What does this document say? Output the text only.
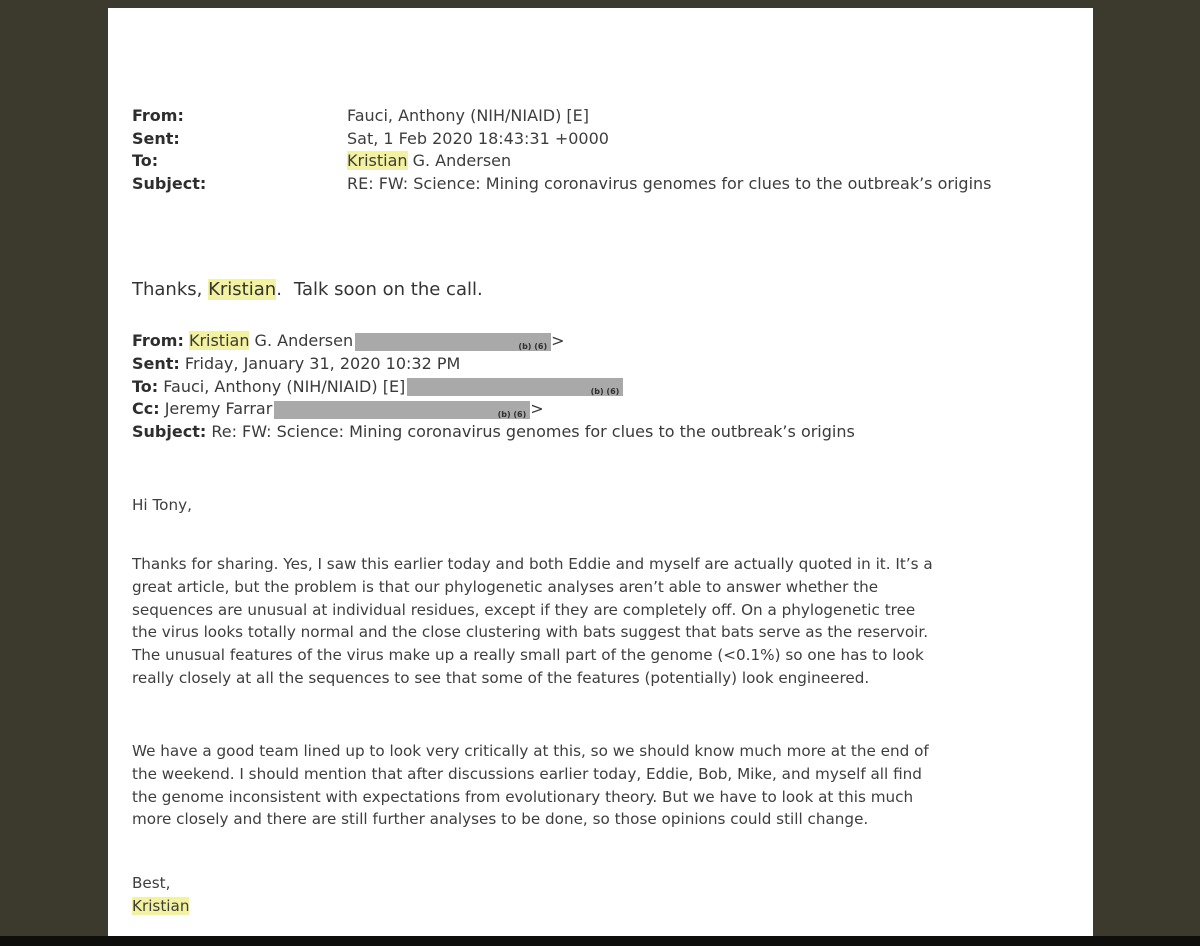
From:	Fauci, Anthony (NIH/NIAID) [E]
Sent:	Sat, 1 Feb 2020 18:43:31 +0000
To:	Kristian G. Andersen
Subject:	RE: FW: Science: Mining coronavirus genomes for clues to the outbreak’s origins
Thanks, Kristian. Talk soon on the call.
From: Kristian G. Andersen	(b) (6) >
Sent: Friday, January 31, 2020 10:32 PM
To: Fauci, Anthony (NIH/NIAID) [E]	(b) (6)
Cc: Jeremy Farrar	(b) (6) >
Subject: Re: FW: Science: Mining coronavirus genomes for clues to the outbreak’s origins
Hi Tony,
Thanks for sharing. Yes, I saw this earlier today and both Eddie and myself are actually quoted in it. It’s a
great article, but the problem is that our phylogenetic analyses aren’t able to answer whether the
sequences are unusual at individual residues, except if they are completely off. On a phylogenetic tree
the virus looks totally normal and the close clustering with bats suggest that bats serve as the reservoir.
The unusual features of the virus make up a really small part of the genome (<0.1%) so one has to look
really closely at all the sequences to see that some of the features (potentially) look engineered.
We have a good team lined up to look very critically at this, so we should know much more at the end of
the weekend. I should mention that after discussions earlier today, Eddie, Bob, Mike, and myself all find
the genome inconsistent with expectations from evolutionary theory. But we have to look at this much
more closely and there are still further analyses to be done, so those opinions could still change.
Best,
Kristian
